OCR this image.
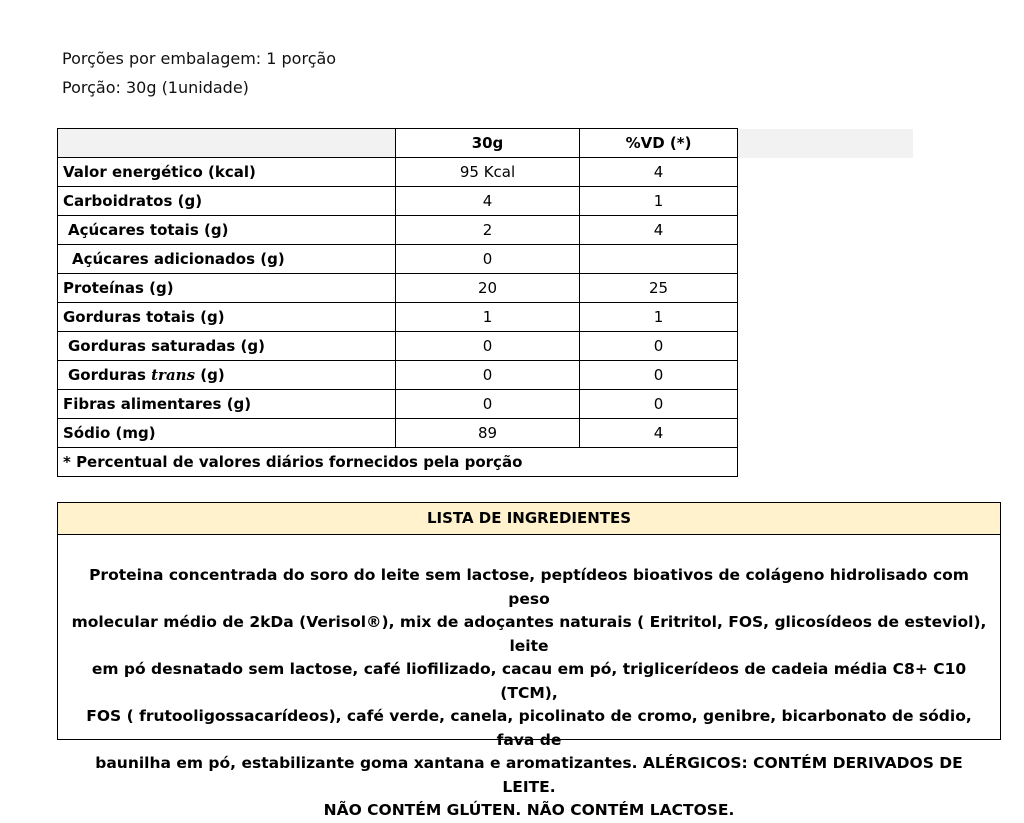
Porções por embalagem: 1 porção
Porção: 30g (1unidade)
	30g	%VD (*)
Valor energético (kcal)	95 Kcal	4
Carboidratos (g)	4	1
Açúcares totais (g)	2	4
Açúcares adicionados (g)	0	
Proteínas (g)	20	25
Gorduras totais (g)	1	1
Gorduras saturadas (g)	0	0
Gorduras trans (g)	0	0
Fibras alimentares (g)	0	0
Sódio (mg)	89	4
* Percentual de valores diários fornecidos pela porção		
LISTA DE INGREDIENTES
Proteina concentrada do soro do leite sem lactose, peptídeos bioativos de colágeno hidrolisado com peso
molecular médio de 2kDa (Verisol®), mix de adoçantes naturais ( Eritritol, FOS, glicosídeos de esteviol), leite
em pó desnatado sem lactose, café liofilizado, cacau em pó, triglicerídeos de cadeia média C8+ C10 (TCM),
FOS ( frutooligossacarídeos), café verde, canela, picolinato de cromo, genibre, bicarbonato de sódio, fava de
baunilha em pó, estabilizante goma xantana e aromatizantes. ALÉRGICOS: CONTÉM DERIVADOS DE LEITE.
NÃO CONTÉM GLÚTEN. NÃO CONTÉM LACTOSE.
